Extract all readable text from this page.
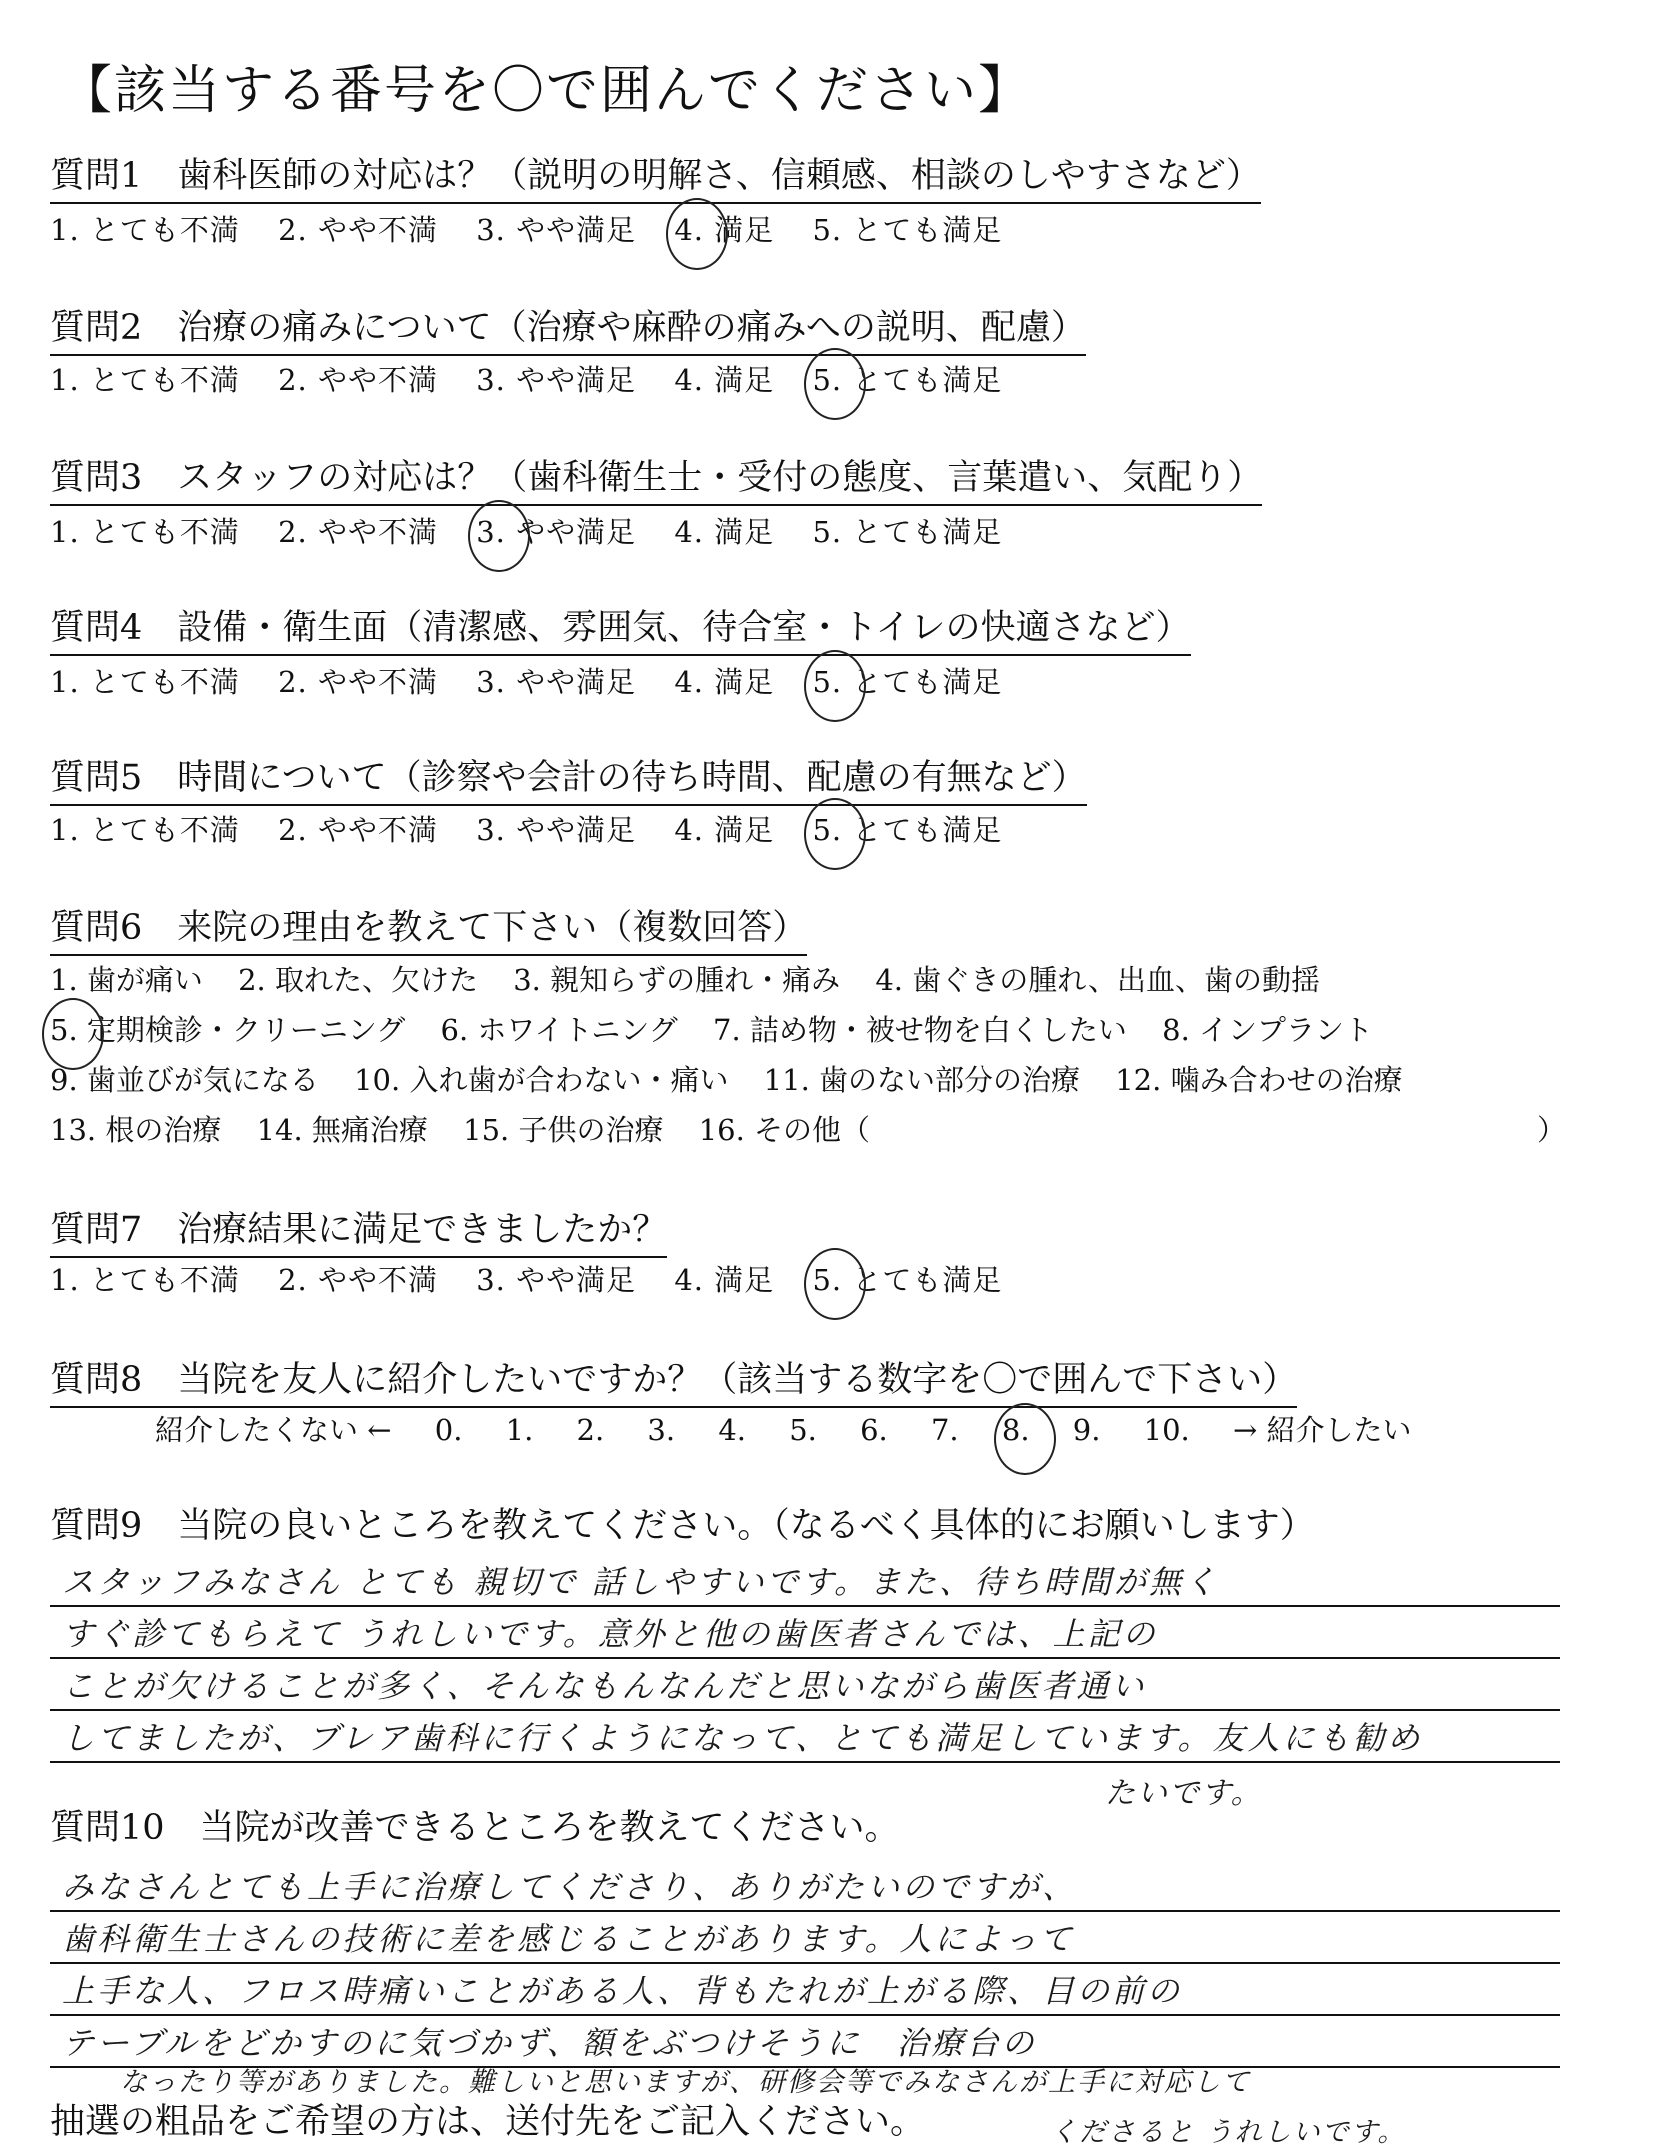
【該当する番号を〇で囲んでください】
質問1　歯科医師の対応は？（説明の明解さ、信頼感、相談のしやすさなど）
1. とても不満 2. やや不満 3. やや満足 4. 満足 5. とても満足
質問2　治療の痛みについて（治療や麻酔の痛みへの説明、配慮）
1. とても不満 2. やや不満 3. やや満足 4. 満足 5. とても満足
質問3　スタッフの対応は？（歯科衛生士・受付の態度、言葉遣い、気配り）
1. とても不満 2. やや不満 3. やや満足 4. 満足 5. とても満足
質問4　設備・衛生面（清潔感、雰囲気、待合室・トイレの快適さなど）
1. とても不満 2. やや不満 3. やや満足 4. 満足 5. とても満足
質問5　時間について（診察や会計の待ち時間、配慮の有無など）
1. とても不満 2. やや不満 3. やや満足 4. 満足 5. とても満足
質問6　来院の理由を教えて下さい（複数回答）
1. 歯が痛い 2. 取れた、欠けた 3. 親知らずの腫れ・痛み 4. 歯ぐきの腫れ、出血、歯の動揺
5. 定期検診・クリーニング 6. ホワイトニング 7. 詰め物・被せ物を白くしたい 8. インプラント
9. 歯並びが気になる 10. 入れ歯が合わない・痛い 11. 歯のない部分の治療 12. 噛み合わせの治療
13. 根の治療 14. 無痛治療 15. 子供の治療 16. その他（　　　　　　　　　　　　　　　　　　　　　　　）
質問7　治療結果に満足できましたか？
1. とても不満 2. やや不満 3. やや満足 4. 満足 5. とても満足
質問8　当院を友人に紹介したいですか？（該当する数字を〇で囲んで下さい）
紹介したくない ← 0. 1. 2. 3. 4. 5. 6. 7. 8. 9. 10. → 紹介したい
質問9　当院の良いところを教えてください。（なるべく具体的にお願いします）
スタッフみなさん とても 親切で 話しやすいです。また、待ち時間が無く
すぐ診てもらえて うれしいです。意外と他の歯医者さんでは、上記の
ことが欠けることが多く、そんなもんなんだと思いながら歯医者通い
してましたが、ブレア歯科に行くようになって、とても満足しています。友人にも勧め
たいです。
質問10　当院が改善できるところを教えてください。
みなさんとても上手に治療してくださり、ありがたいのですが、
歯科衛生士さんの技術に差を感じることがあります。人によって
上手な人、フロス時痛いことがある人、背もたれが上がる際、目の前の
テーブルをどかすのに気づかず、額をぶつけそうに　治療台の
なったり等がありました。難しいと思いますが、研修会等でみなさんが上手に対応して
くださると うれしいです。
抽選の粗品をご希望の方は、送付先をご記入ください。
